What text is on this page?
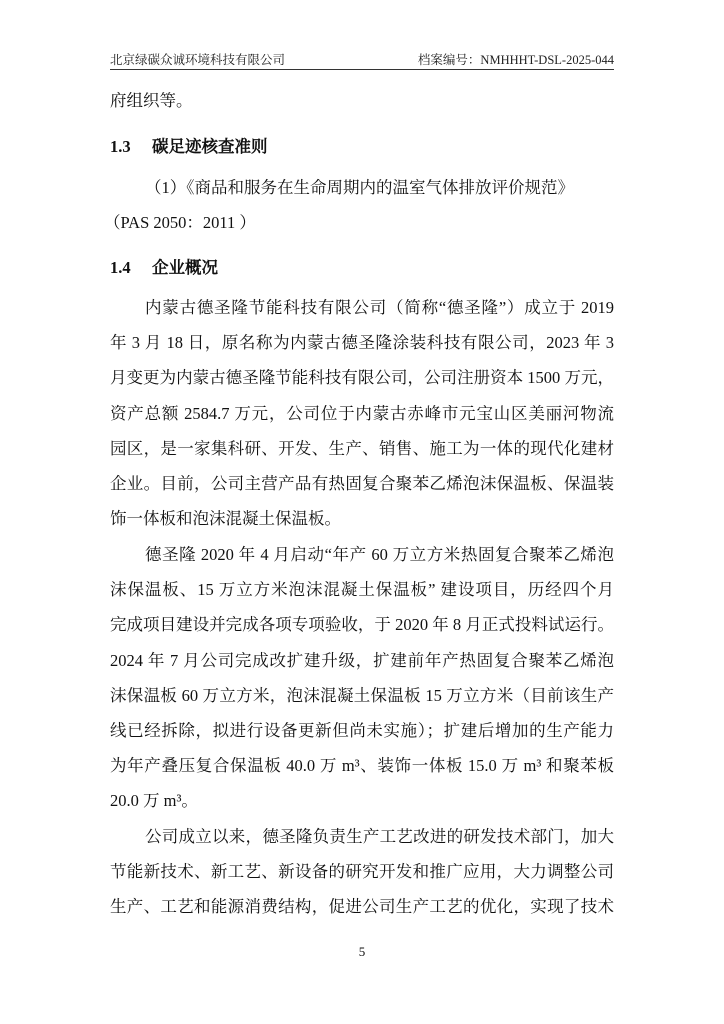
北京绿碳众诚环境科技有限公司	档案编号：NMHHHT-DSL-2025-044
府组织等。
1.3 碳足迹核查准则
（1）《商品和服务在生命周期内的温室气体排放评价规范》
（PAS 2050：2011 ）
1.4 企业概况
内蒙古德圣隆节能科技有限公司（简称“德圣隆”）成立于 2019
年 3 月 18 日，原名称为内蒙古德圣隆涂装科技有限公司，2023 年 3
月变更为内蒙古德圣隆节能科技有限公司，公司注册资本 1500 万元，
资产总额 2584.7 万元，公司位于内蒙古赤峰市元宝山区美丽河物流
园区，是一家集科研、开发、生产、销售、施工为一体的现代化建材
企业。目前，公司主营产品有热固复合聚苯乙烯泡沫保温板、保温装
饰一体板和泡沫混凝土保温板。
德圣隆 2020 年 4 月启动“年产 60 万立方米热固复合聚苯乙烯泡
沫保温板、15 万立方米泡沫混凝土保温板” 建设项目，历经四个月
完成项目建设并完成各项专项验收，于 2020 年 8 月正式投料试运行。
2024 年 7 月公司完成改扩建升级，扩建前年产热固复合聚苯乙烯泡
沫保温板 60 万立方米，泡沫混凝土保温板 15 万立方米（目前该生产
线已经拆除，拟进行设备更新但尚未实施）；扩建后增加的生产能力
为年产叠压复合保温板 40.0 万 m³、装饰一体板 15.0 万 m³ 和聚苯板
20.0 万 m³。
公司成立以来，德圣隆负责生产工艺改进的研发技术部门，加大
节能新技术、新工艺、新设备的研究开发和推广应用，大力调整公司
生产、工艺和能源消费结构，促进公司生产工艺的优化，实现了技术
5
